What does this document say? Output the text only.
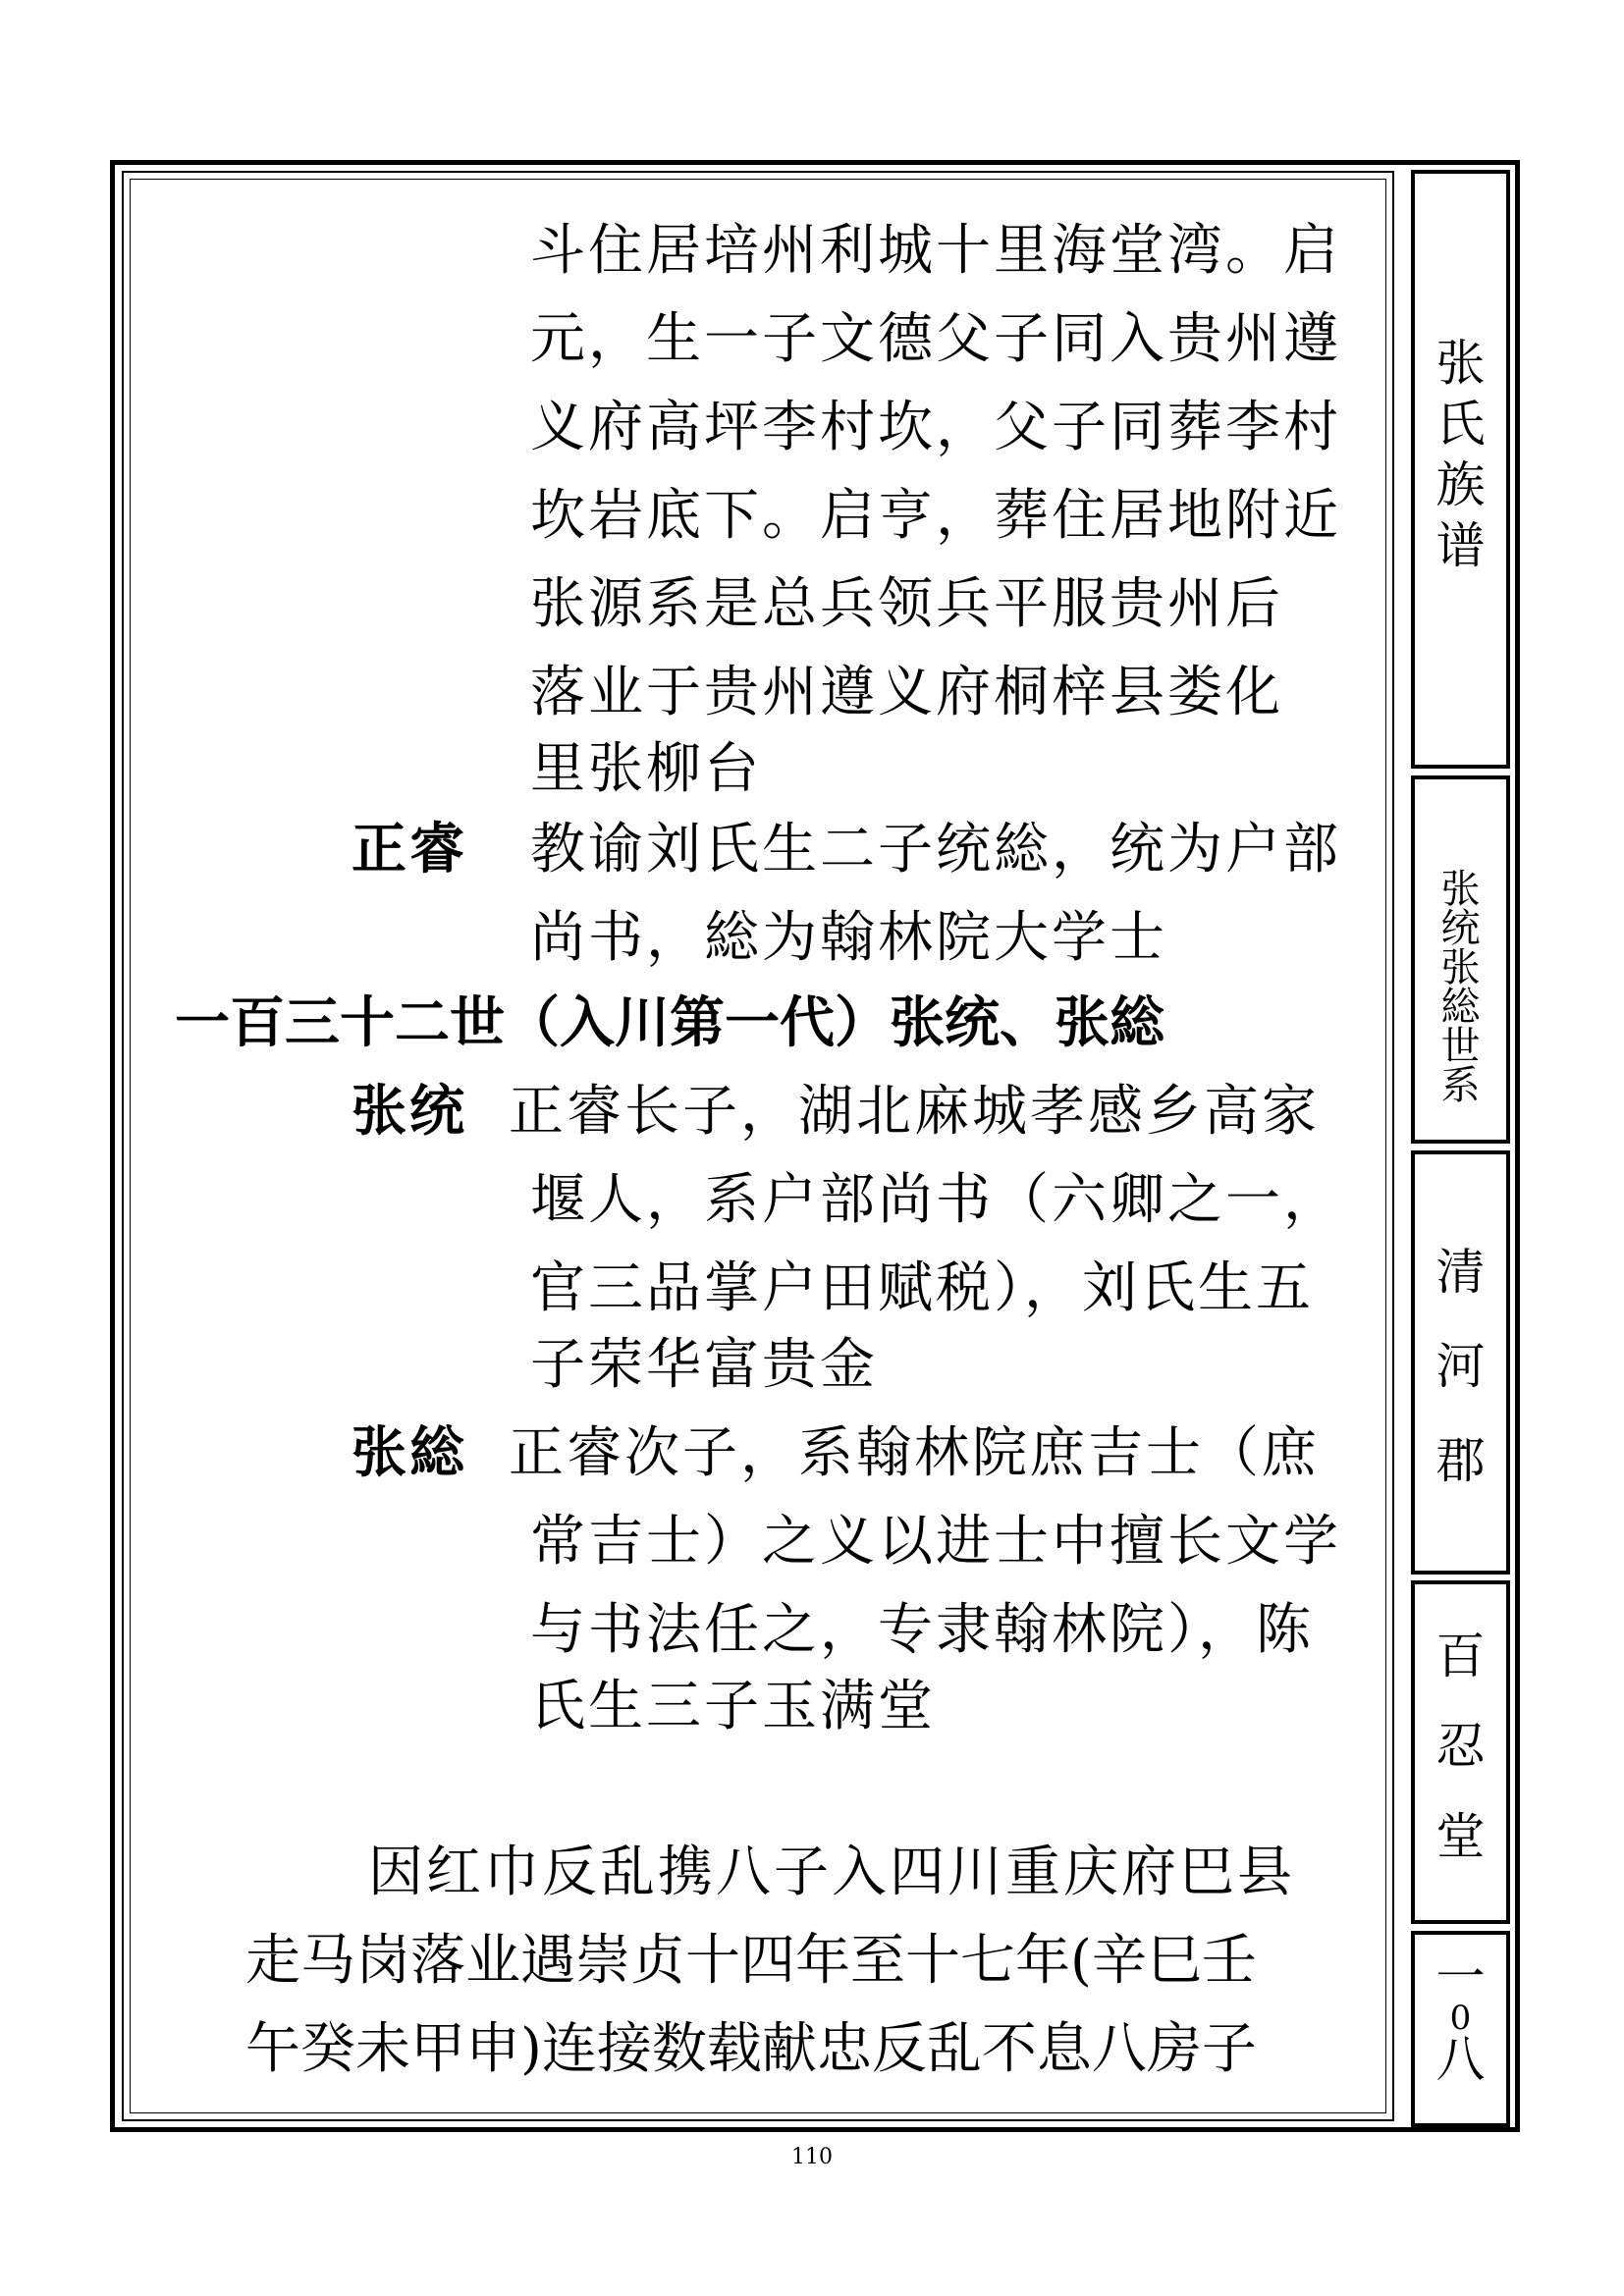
斗住居培州利城十里海堂湾。启
元，生一子文德父子同入贵州遵
义府高坪李村坎，父子同葬李村
坎岩底下。启亨，葬住居地附近
张源系是总兵领兵平服贵州后
落业于贵州遵义府桐梓县娄化
里张柳台
正睿 教谕刘氏生二子统総，统为户部
尚书，総为翰林院大学士
一百三十二世（入川第一代）张统、张総
张统 正睿长子，湖北麻城孝感乡高家
堰人，系户部尚书（六卿之一，
官三品掌户田赋税），刘氏生五
子荣华富贵金
张総 正睿次子，系翰林院庶吉士（庶
常吉士）之义以进士中擅长文学
与书法任之，专隶翰林院），陈
氏生三子玉满堂
因红巾反乱携八子入四川重庆府巴县
走马岗落业遇崇贞十四年至十七年(辛巳壬
午癸未甲申)连接数载献忠反乱不息八房子
张
氏
族
谱
张
统
张
総
世
系
清
河
郡
百
忍
堂
一
0
八
110
